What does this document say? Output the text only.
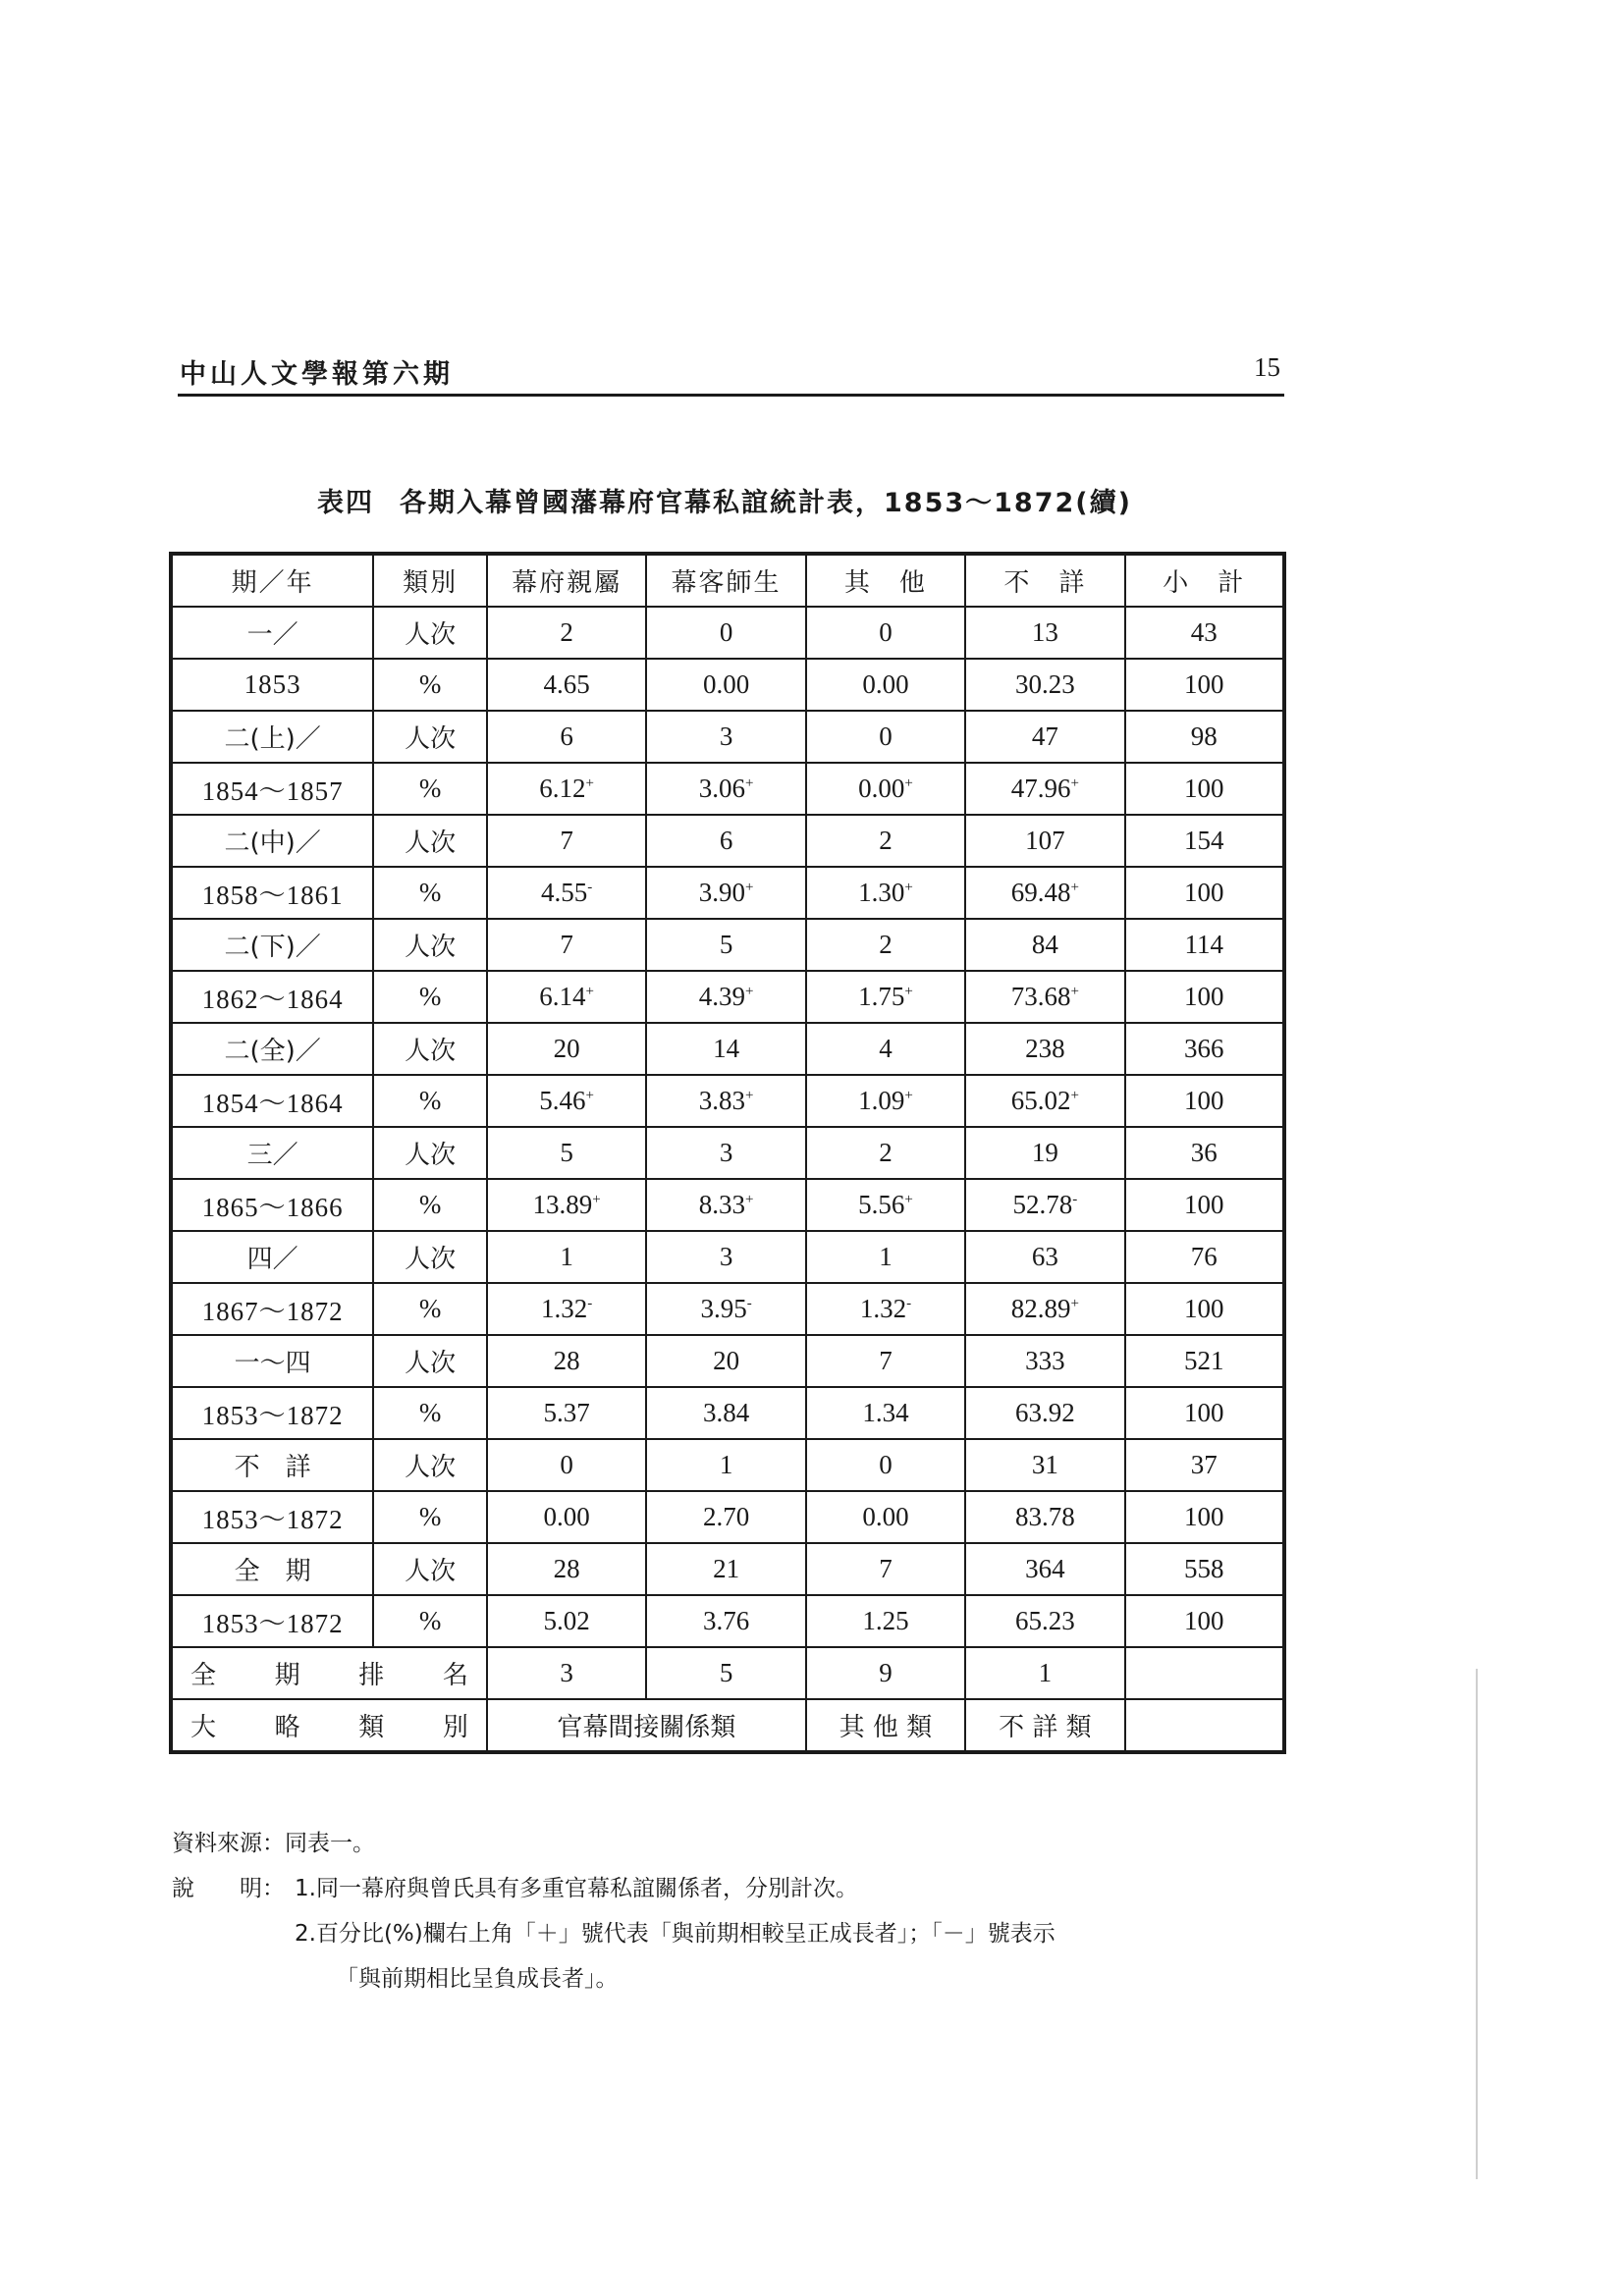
中山人文學報第六期	15
表四 各期入幕曾國藩幕府官幕私誼統計表，1853～1872(續)
期／年	類別	幕府親屬	幕客師生	其　他	不　詳	小　計
一／	人次	2	0	0	13	43
1853	%	4.65	0.00	0.00	30.23	100
二(上)／	人次	6	3	0	47	98
1854～1857	%	6.12+	3.06+	0.00+	47.96+	100
二(中)／	人次	7	6	2	107	154
1858～1861	%	4.55-	3.90+	1.30+	69.48+	100
二(下)／	人次	7	5	2	84	114
1862～1864	%	6.14+	4.39+	1.75+	73.68+	100
二(全)／	人次	20	14	4	238	366
1854～1864	%	5.46+	3.83+	1.09+	65.02+	100
三／	人次	5	3	2	19	36
1865～1866	%	13.89+	8.33+	5.56+	52.78-	100
四／	人次	1	3	1	63	76
1867～1872	%	1.32-	3.95-	1.32-	82.89+	100
一～四	人次	28	20	7	333	521
1853～1872	%	5.37	3.84	1.34	63.92	100
不　詳	人次	0	1	0	31	37
1853～1872	%	0.00	2.70	0.00	83.78	100
全　期	人次	28	21	7	364	558
1853～1872	%	5.02	3.76	1.25	65.23	100

全 期 排 名		3	5	9	1	

大 略 類 別		官幕間接關係類		其 他 類	不 詳 類	
資料來源：同表一。
說　　明： 1.同一幕府與曾氏具有多重官幕私誼關係者，分別計次。
2.百分比(%)欄右上角「＋」號代表「與前期相較呈正成長者」；「－」號表示
「與前期相比呈負成長者」。
